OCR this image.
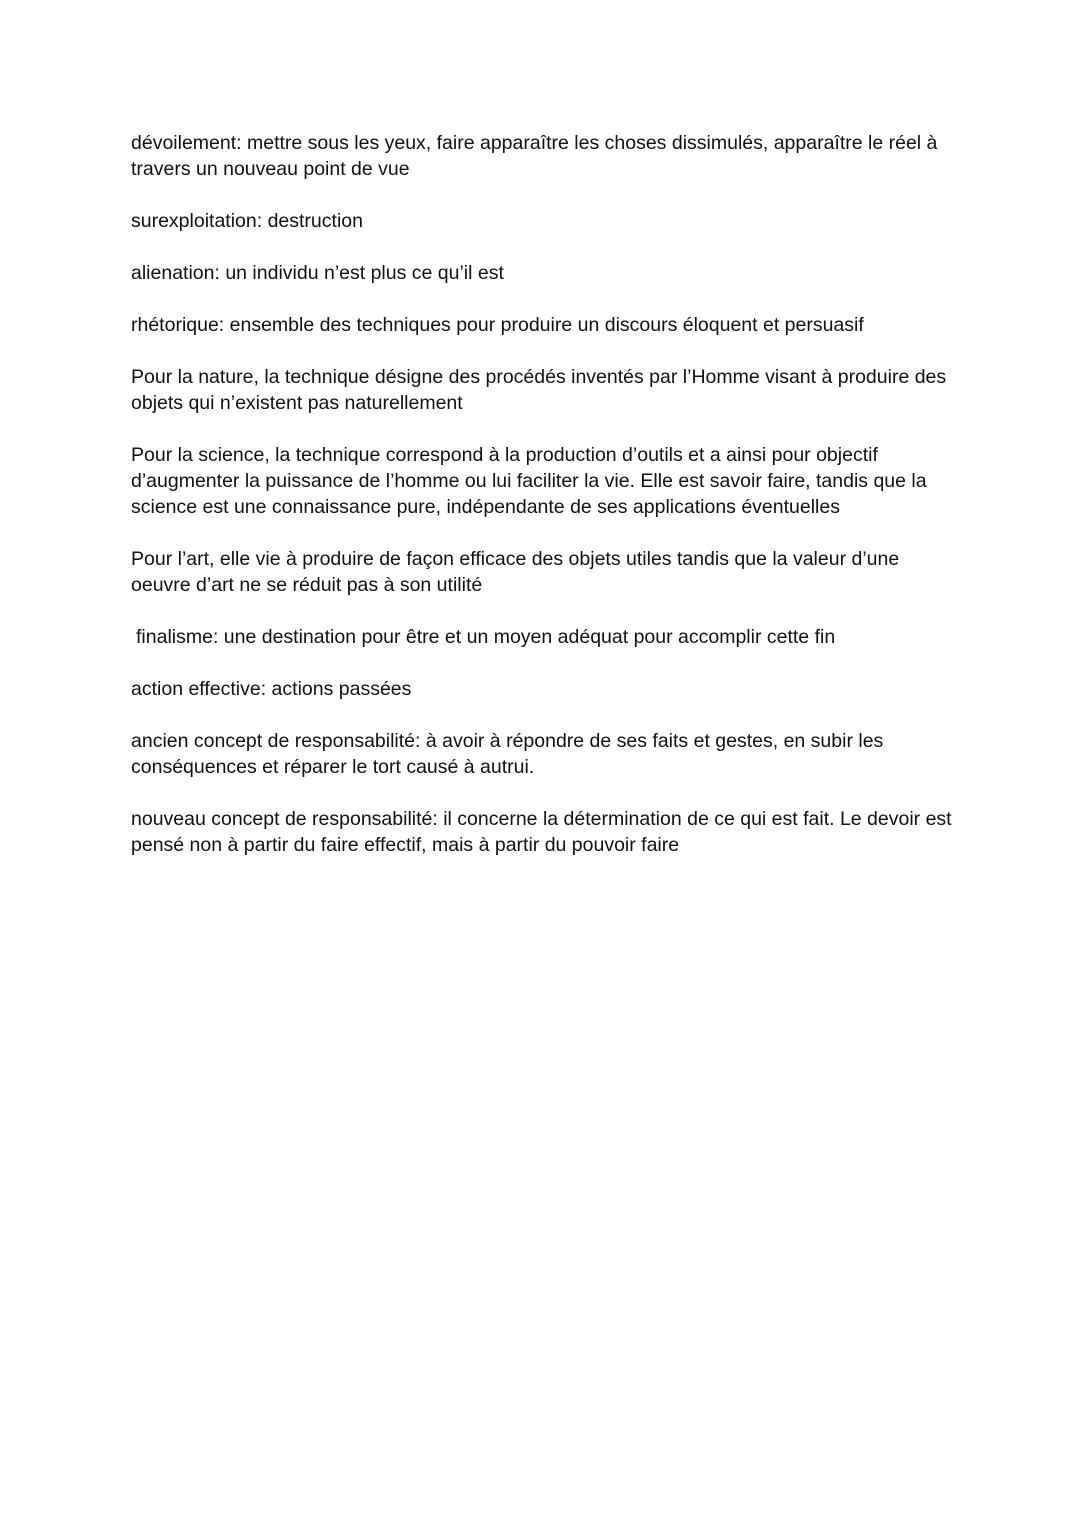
dévoilement: mettre sous les yeux, faire apparaître les choses dissimulés, apparaître le réel à travers un nouveau point de vue

surexploitation: destruction

alienation: un individu n’est plus ce qu’il est

rhétorique: ensemble des techniques pour produire un discours éloquent et persuasif

Pour la nature, la technique désigne des procédés inventés par l’Homme visant à produire des objets qui n’existent pas naturellement

Pour la science, la technique correspond à la production d’outils et a ainsi pour objectif d’augmenter la puissance de l’homme ou lui faciliter la vie. Elle est savoir faire, tandis que la science est une connaissance pure, indépendante de ses applications éventuelles

Pour l’art, elle vie à produire de façon efficace des objets utiles tandis que la valeur d’une oeuvre d’art ne se réduit pas à son utilité

finalisme: une destination pour être et un moyen adéquat pour accomplir cette fin

action effective: actions passées

ancien concept de responsabilité: à avoir à répondre de ses faits et gestes, en subir les conséquences et réparer le tort causé à autrui.

nouveau concept de responsabilité: il concerne la détermination de ce qui est fait. Le devoir est pensé non à partir du faire effectif, mais à partir du pouvoir faire
